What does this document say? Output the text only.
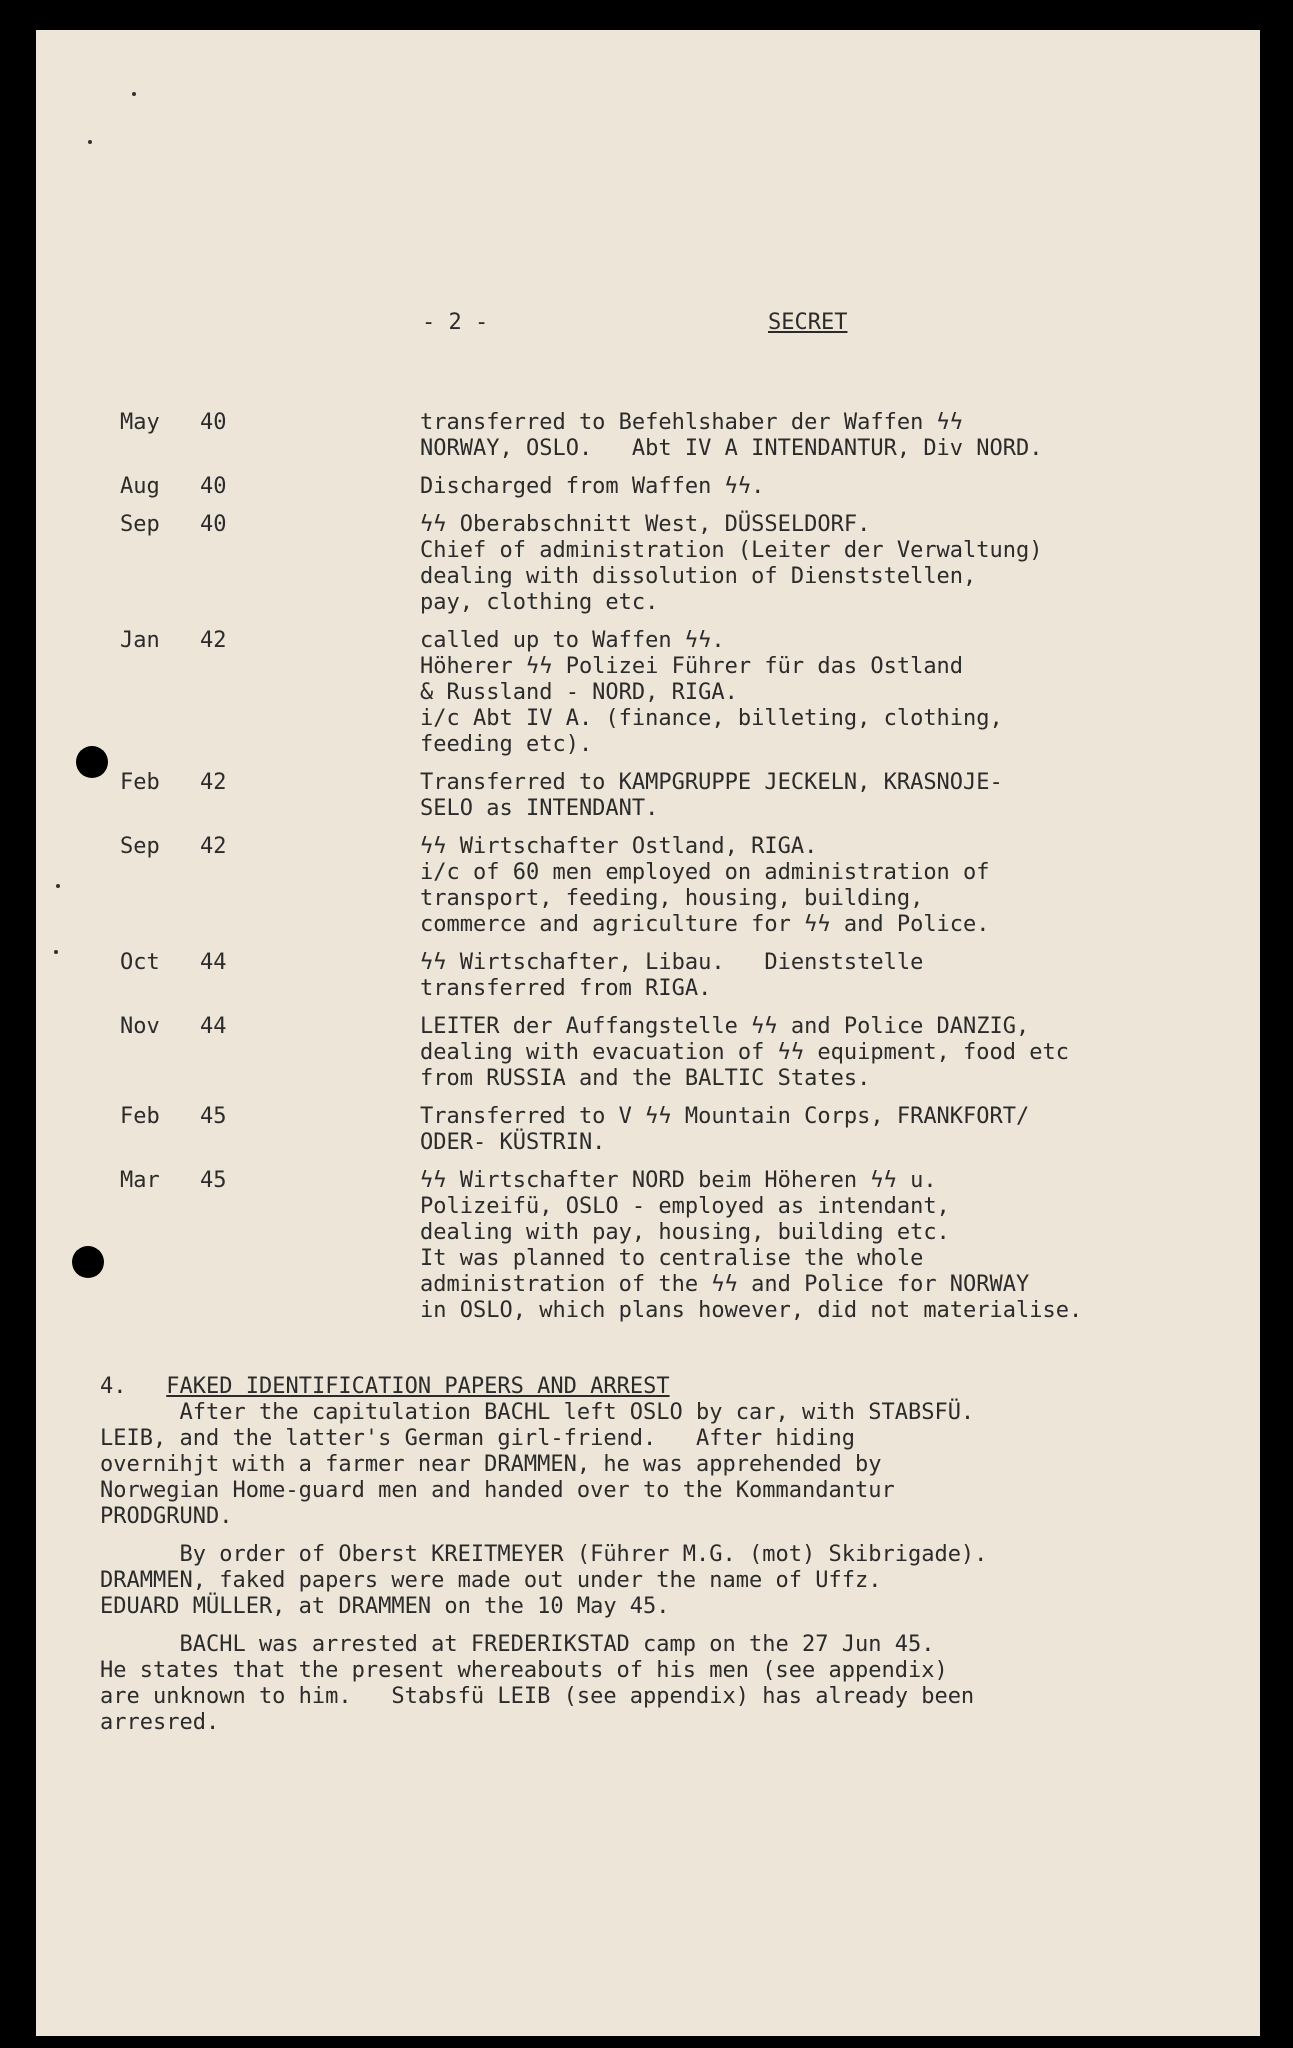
- 2 -	SECRET
May	40	transferred to Befehlshaber der Waffen ϟϟ
NORWAY, OSLO.   Abt IV A INTENDANTUR, Div NORD.
Aug	40	Discharged from Waffen ϟϟ.
Sep	40	ϟϟ Oberabschnitt West, DÜSSELDORF.
Chief of administration (Leiter der Verwaltung)
dealing with dissolution of Dienststellen,
pay, clothing etc.
Jan	42	called up to Waffen ϟϟ.
Höherer ϟϟ Polizei Führer für das Ostland
& Russland - NORD, RIGA.
i/c Abt IV A. (finance, billeting, clothing,
feeding etc).
Feb	42	Transferred to KAMPGRUPPE JECKELN, KRASNOJE-
SELO as INTENDANT.
Sep	42	ϟϟ Wirtschafter Ostland, RIGA.
i/c of 60 men employed on administration of
transport, feeding, housing, building,
commerce and agriculture for ϟϟ and Police.
Oct	44	ϟϟ Wirtschafter, Libau.   Dienststelle
transferred from RIGA.
Nov	44	LEITER der Auffangstelle ϟϟ and Police DANZIG,
dealing with evacuation of ϟϟ equipment, food etc
from RUSSIA and the BALTIC States.
Feb	45	Transferred to V ϟϟ Mountain Corps, FRANKFORT/
ODER- KÜSTRIN.
Mar	45	ϟϟ Wirtschafter NORD beim Höheren ϟϟ u.
Polizeifü, OSLO - employed as intendant,
dealing with pay, housing, building etc.
It was planned to centralise the whole
administration of the ϟϟ and Police for NORWAY
in OSLO, which plans however, did not materialise.
4. FAKED IDENTIFICATION PAPERS AND ARREST
After the capitulation BACHL left OSLO by car, with STABSFÜ.
LEIB, and the latter's German girl-friend.   After hiding
overnihjt with a farmer near DRAMMEN, he was apprehended by
Norwegian Home-guard men and handed over to the Kommandantur
PRODGRUND.
By order of Oberst KREITMEYER (Führer M.G. (mot) Skibrigade).
DRAMMEN, faked papers were made out under the name of Uffz.
EDUARD MÜLLER, at DRAMMEN on the 10 May 45.
BACHL was arrested at FREDERIKSTAD camp on the 27 Jun 45.
He states that the present whereabouts of his men (see appendix)
are unknown to him.   Stabsfü LEIB (see appendix) has already been
arresred.
